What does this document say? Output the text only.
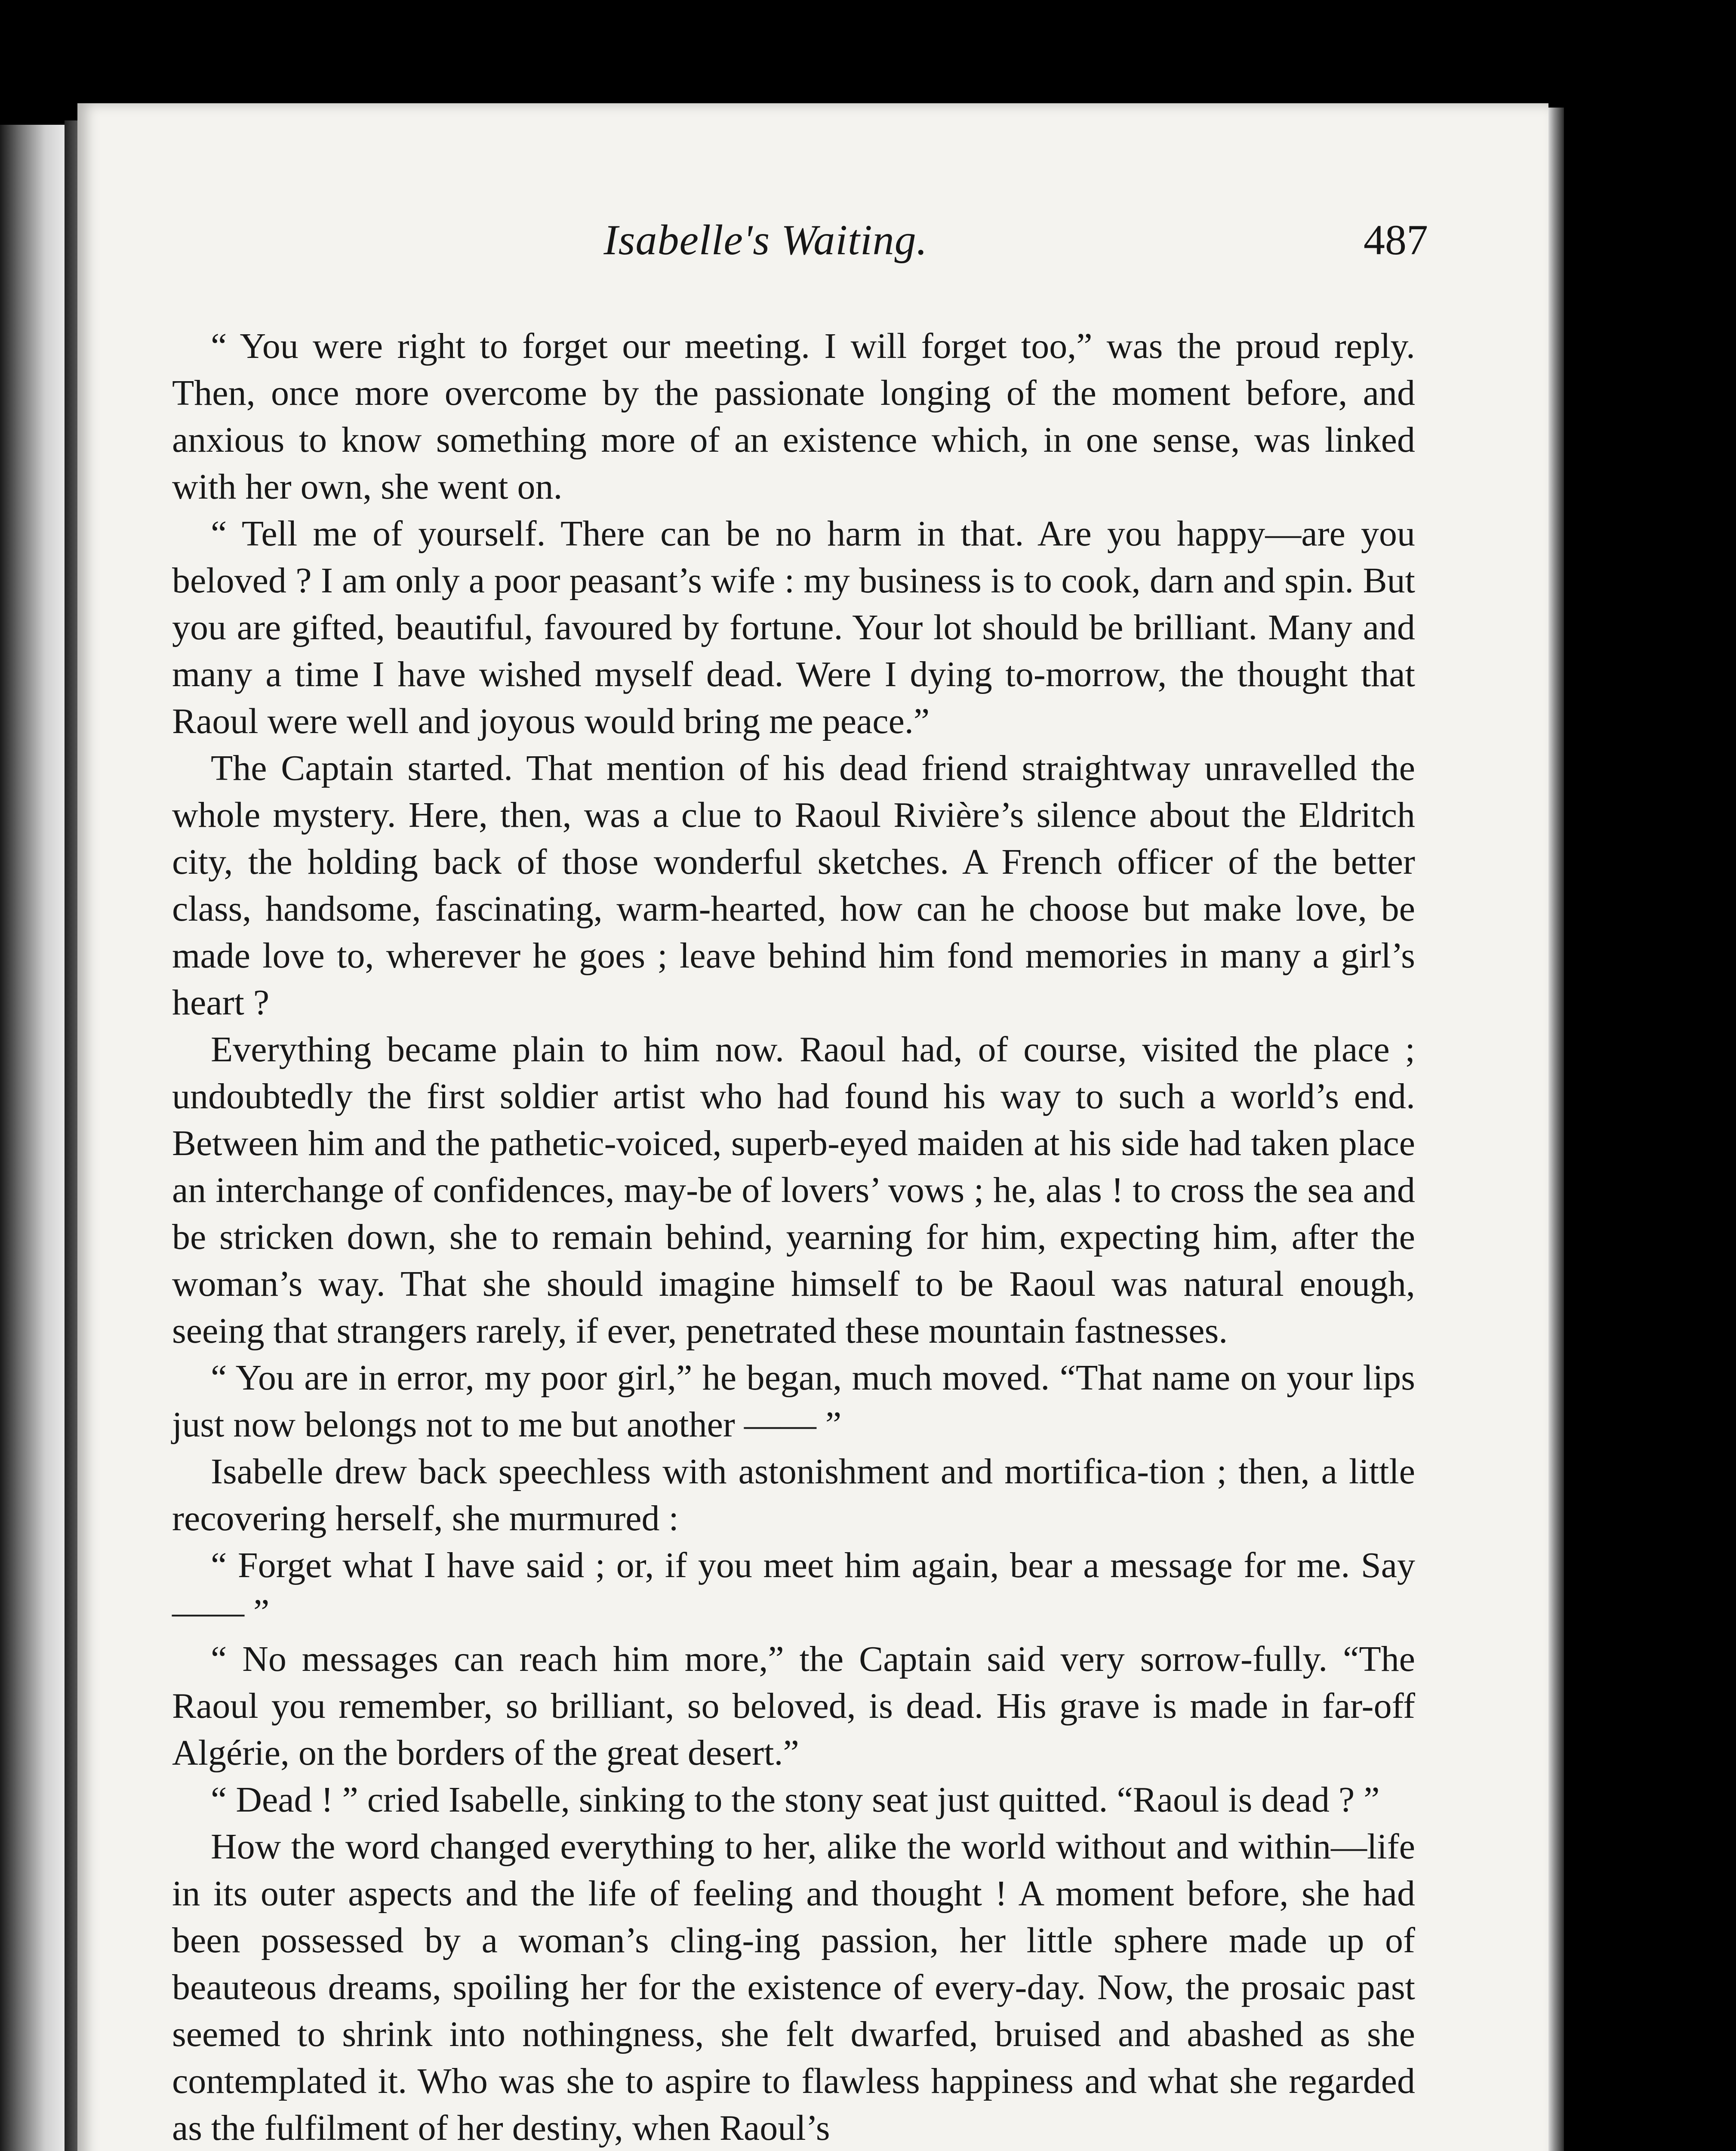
Isabelle's Waiting.	487

“ You were right to forget our meeting. I will forget too,” was the proud reply. Then, once more overcome by the passionate longing of the moment before, and anxious to know something more of an existence which, in one sense, was linked with her own, she went on.

“ Tell me of yourself. There can be no harm in that. Are you happy—are you beloved ? I am only a poor peasant’s wife : my business is to cook, darn and spin. But you are gifted, beautiful, favoured by fortune. Your lot should be brilliant. Many and many a time I have wished myself dead. Were I dying to-morrow, the thought that Raoul were well and joyous would bring me peace.”

The Captain started. That mention of his dead friend straightway unravelled the whole mystery. Here, then, was a clue to Raoul Rivière’s silence about the Eldritch city, the holding back of those wonderful sketches. A French officer of the better class, handsome, fascinating, warm-hearted, how can he choose but make love, be made love to, wherever he goes ; leave behind him fond memories in many a girl’s heart ?

Everything became plain to him now. Raoul had, of course, visited the place ; undoubtedly the first soldier artist who had found his way to such a world’s end. Between him and the pathetic-voiced, superb-eyed maiden at his side had taken place an interchange of confidences, may-be of lovers’ vows ; he, alas ! to cross the sea and be stricken down, she to remain behind, yearning for him, expecting him, after the woman’s way. That she should imagine himself to be Raoul was natural enough, seeing that strangers rarely, if ever, penetrated these mountain fastnesses.

“ You are in error, my poor girl,” he began, much moved. “That name on your lips just now belongs not to me but another —— ”

Isabelle drew back speechless with astonishment and mortifica-tion ; then, a little recovering herself, she murmured :

“ Forget what I have said ; or, if you meet him again, bear a message for me. Say —— ”

“ No messages can reach him more,” the Captain said very sorrow-fully. “The Raoul you remember, so brilliant, so beloved, is dead. His grave is made in far-off Algérie, on the borders of the great desert.”

“ Dead ! ” cried Isabelle, sinking to the stony seat just quitted. “Raoul is dead ? ”

How the word changed everything to her, alike the world without and within—life in its outer aspects and the life of feeling and thought ! A moment before, she had been possessed by a woman’s cling-ing passion, her little sphere made up of beauteous dreams, spoiling her for the existence of every-day. Now, the prosaic past seemed to shrink into nothingness, she felt dwarfed, bruised and abashed as she contemplated it. Who was she to aspire to flawless happiness and what she regarded as the fulfilment of her destiny, when Raoul’s
